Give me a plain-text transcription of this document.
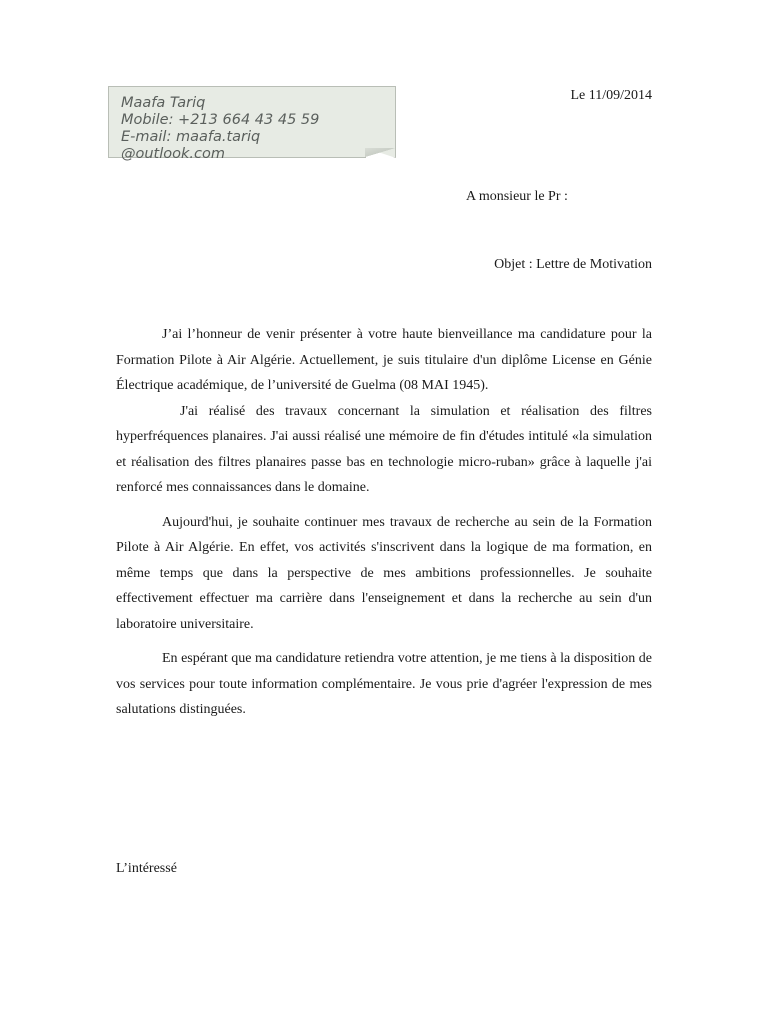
Maafa Tariq
Mobile: +213 664 43 45 59
E-mail: maafa.tariq
@outlook.com
Le 11/09/2014
A monsieur le Pr :
Objet : Lettre de Motivation

J’ai l’honneur de venir présenter à votre haute bienveillance ma candidature pour la Formation Pilote à Air Algérie. Actuellement, je suis titulaire d'un diplôme License en Génie Électrique académique, de l’université de Guelma (08 MAI 1945).

J'ai réalisé des travaux concernant la simulation et réalisation des filtres hyperfréquences planaires. J'ai aussi réalisé une mémoire de fin d'études intitulé «la simulation et réalisation des filtres planaires passe bas en technologie micro-ruban» grâce à laquelle j'ai renforcé mes connaissances dans le domaine.

Aujourd'hui, je souhaite continuer mes travaux de recherche au sein de la Formation Pilote à Air Algérie. En effet, vos activités s'inscrivent dans la logique de ma formation, en même temps que dans la perspective de mes ambitions professionnelles. Je souhaite effectivement effectuer ma carrière dans l'enseignement et dans la recherche au sein d'un laboratoire universitaire.

En espérant que ma candidature retiendra votre attention, je me tiens à la disposition de vos services pour toute information complémentaire. Je vous prie d'agréer l'expression de mes salutations distinguées.

L’intéressé
